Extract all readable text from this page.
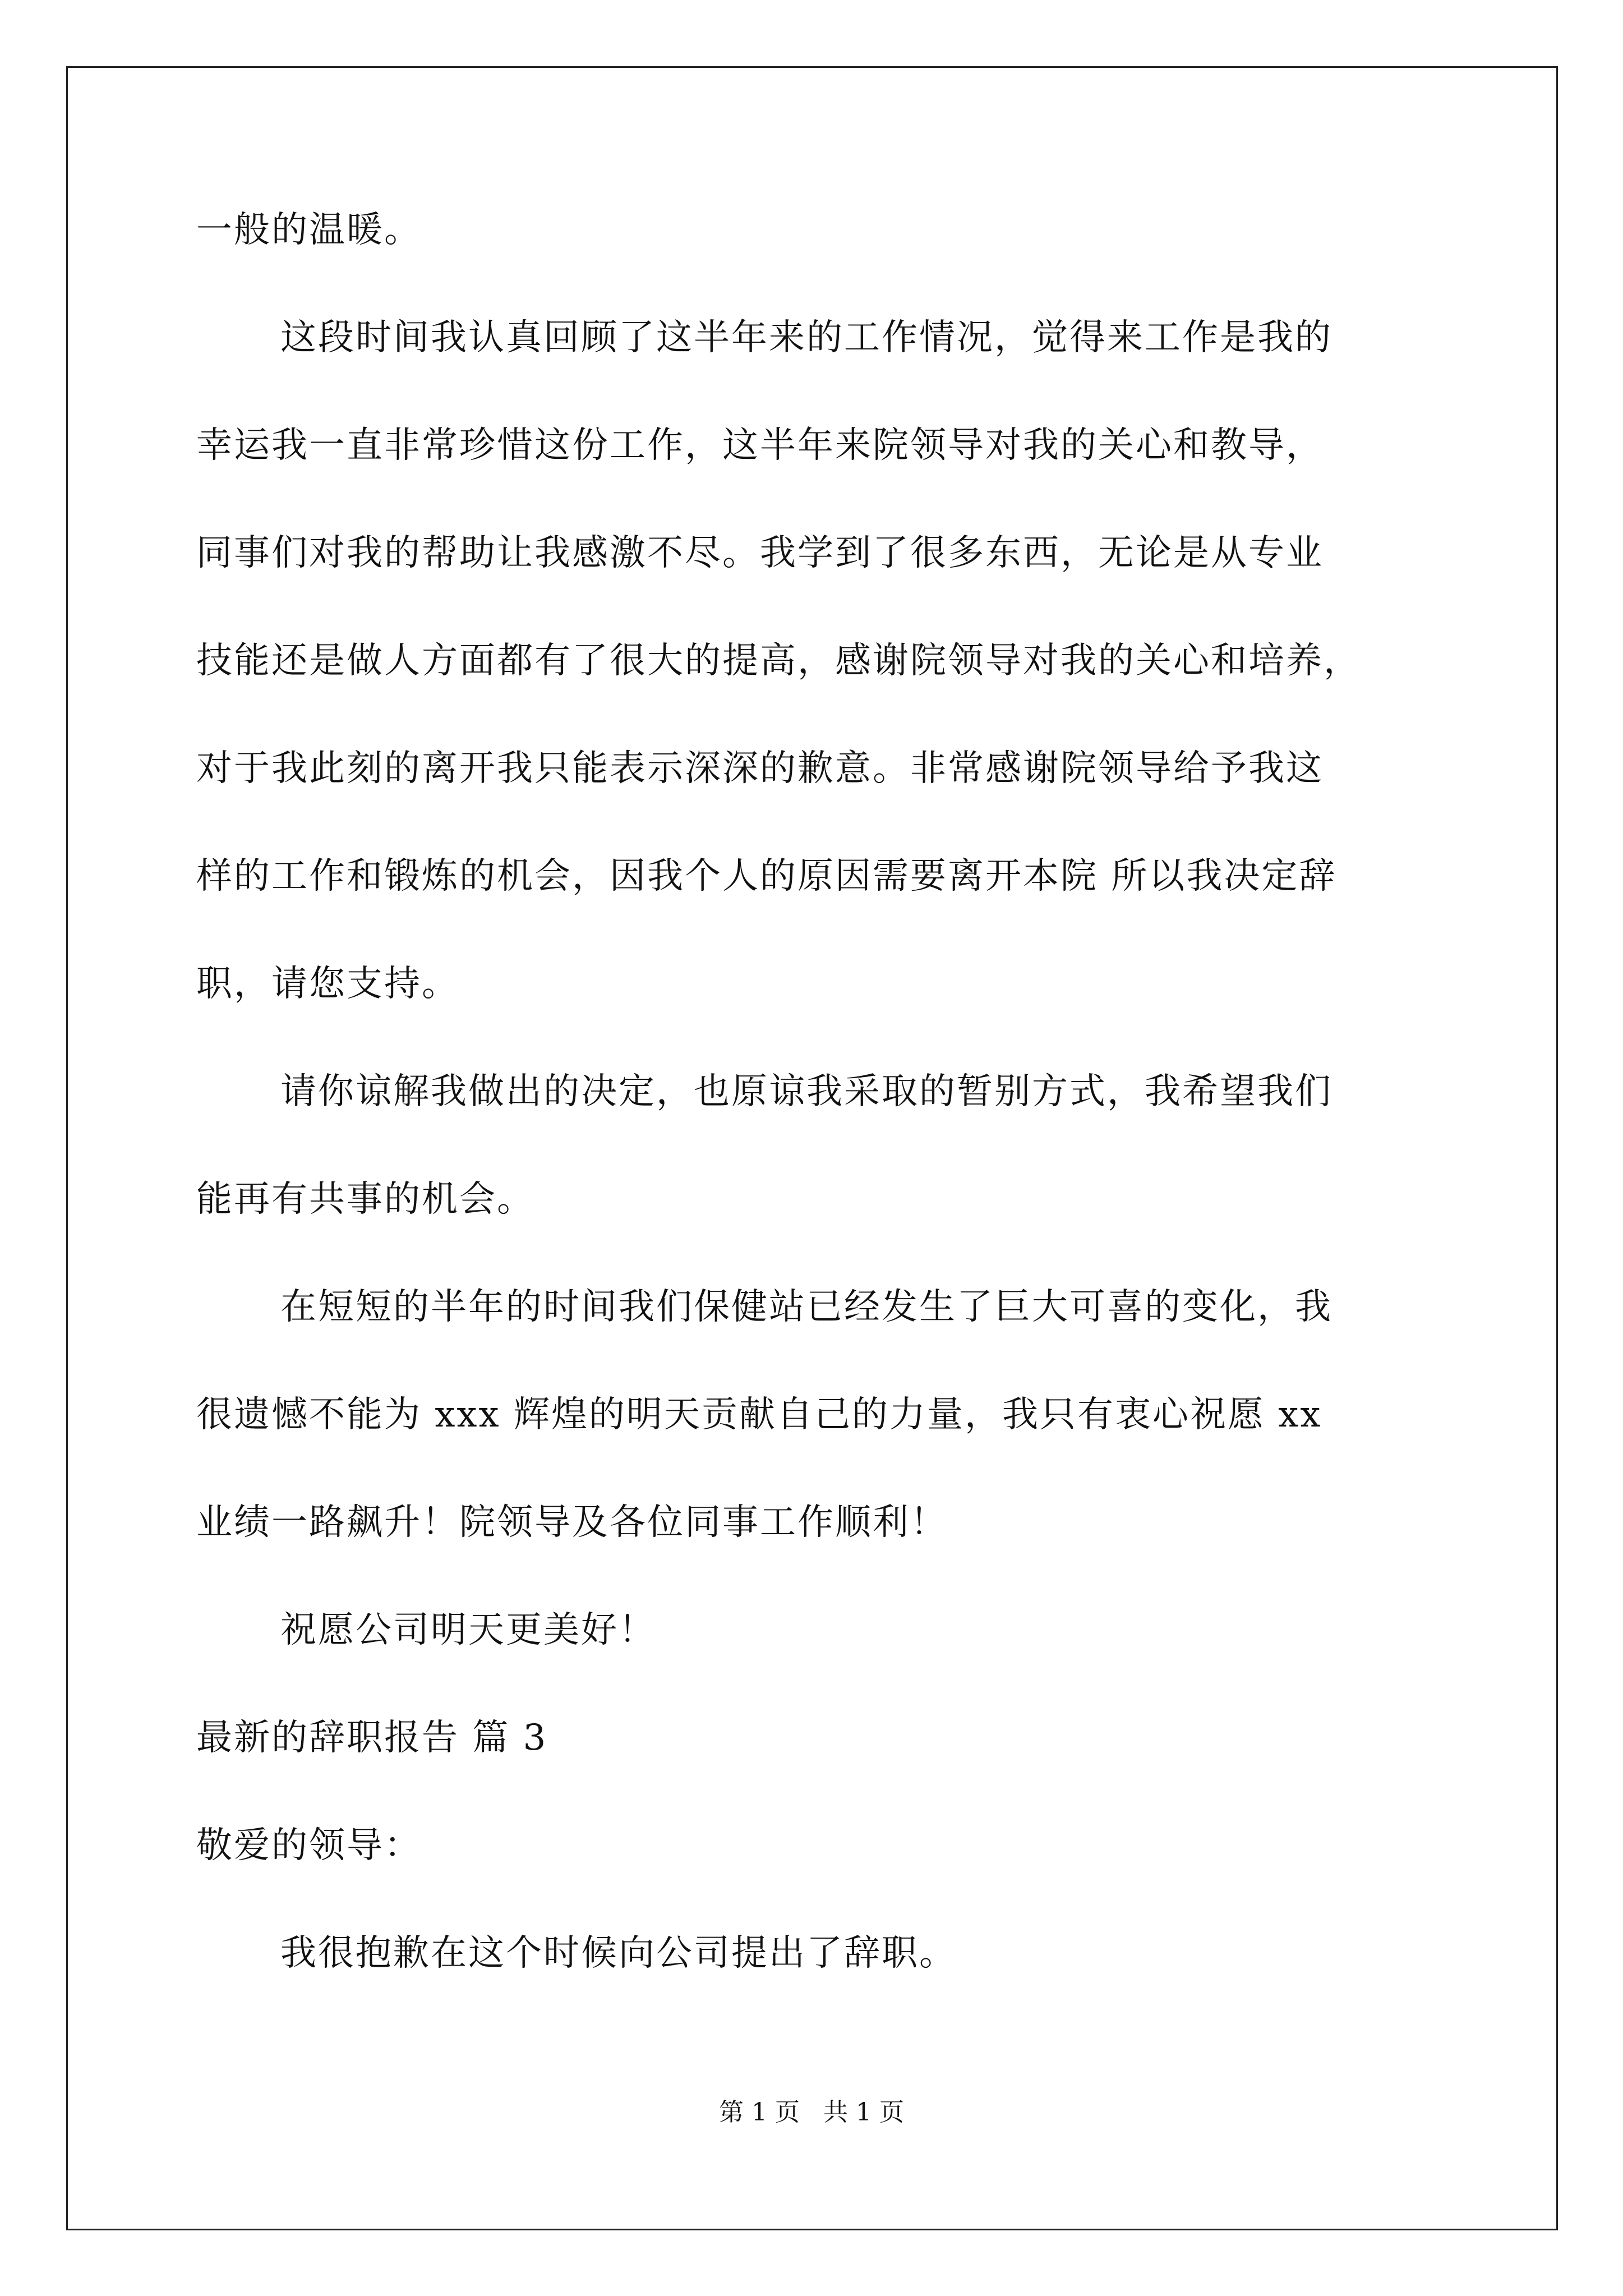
一般的温暖。
这段时间我认真回顾了这半年来的工作情况，觉得来工作是我的
幸运我一直非常珍惜这份工作，这半年来院领导对我的关心和教导，
同事们对我的帮助让我感激不尽。我学到了很多东西，无论是从专业
技能还是做人方面都有了很大的提高，感谢院领导对我的关心和培养，
对于我此刻的离开我只能表示深深的歉意。非常感谢院领导给予我这
样的工作和锻炼的机会，因我个人的原因需要离开本院 所以我决定辞
职，请您支持。
请你谅解我做出的决定，也原谅我采取的暂别方式，我希望我们
能再有共事的机会。
在短短的半年的时间我们保健站已经发生了巨大可喜的变化，我
很遗憾不能为 xxx 辉煌的明天贡献自己的力量，我只有衷心祝愿 xx
业绩一路飙升！院领导及各位同事工作顺利！
祝愿公司明天更美好！
最新的辞职报告 篇 3
敬爱的领导：
我很抱歉在这个时候向公司提出了辞职。
第 1 页   共 1 页
